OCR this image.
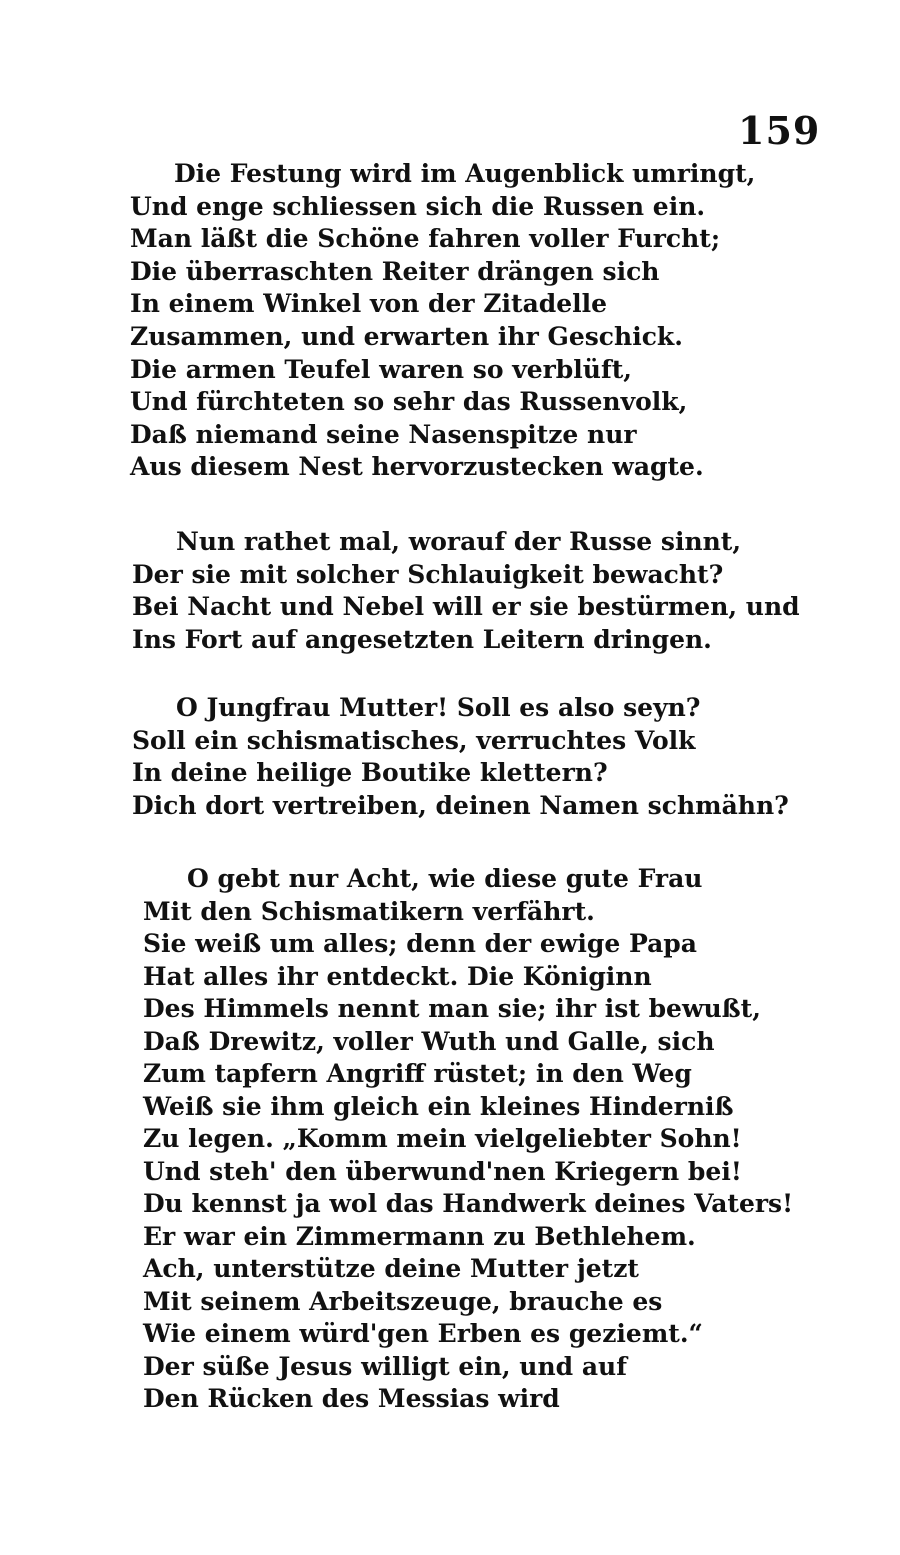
159
Die Festung wird im Augenblick umringt,
Und enge schliessen sich die Russen ein.
Man läßt die Schöne fahren voller Furcht;
Die überraschten Reiter drängen sich
In einem Winkel von der Zitadelle
Zusammen, und erwarten ihr Geschick.
Die armen Teufel waren so verblüft,
Und fürchteten so sehr das Russenvolk,
Daß niemand seine Nasenspitze nur
Aus diesem Nest hervorzustecken wagte.
Nun rathet mal, worauf der Russe sinnt,
Der sie mit solcher Schlauigkeit bewacht?
Bei Nacht und Nebel will er sie bestürmen, und
Ins Fort auf angesetzten Leitern dringen.
O Jungfrau Mutter! Soll es also seyn?
Soll ein schismatisches, verruchtes Volk
In deine heilige Boutike klettern?
Dich dort vertreiben, deinen Namen schmähn?
O gebt nur Acht, wie diese gute Frau
Mit den Schismatikern verfährt.
Sie weiß um alles; denn der ewige Papa
Hat alles ihr entdeckt. Die Königinn
Des Himmels nennt man sie; ihr ist bewußt,
Daß Drewitz, voller Wuth und Galle, sich
Zum tapfern Angriff rüstet; in den Weg
Weiß sie ihm gleich ein kleines Hinderniß
Zu legen. „Komm mein vielgeliebter Sohn!
Und steh' den überwund'nen Kriegern bei!
Du kennst ja wol das Handwerk deines Vaters!
Er war ein Zimmermann zu Bethlehem.
Ach, unterstütze deine Mutter jetzt
Mit seinem Arbeitszeuge, brauche es
Wie einem würd'gen Erben es geziemt.“
Der süße Jesus willigt ein, und auf
Den Rücken des Messias wird
